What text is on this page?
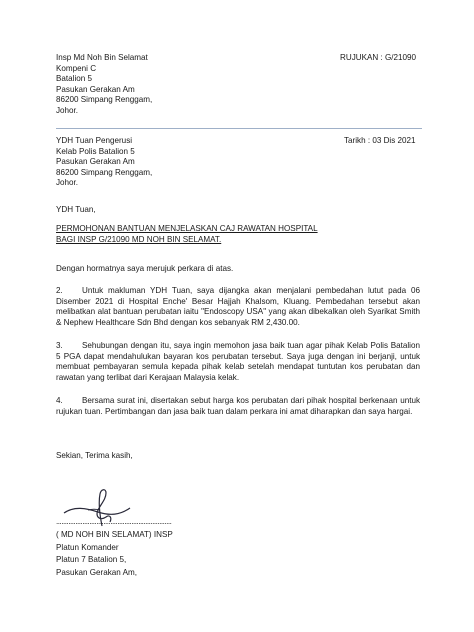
Insp Md Noh Bin Selamat
Kompeni C
Batalion 5
Pasukan Gerakan Am
86200 Simpang Renggam,
Johor.
RUJUKAN : G/21090
YDH Tuan Pengerusi
Kelab Polis Batalion 5
Pasukan Gerakan Am
86200 Simpang Renggam,
Johor.
Tarikh : 03 Dis 2021
YDH Tuan,
PERMOHONAN BANTUAN MENJELASKAN CAJ RAWATAN HOSPITAL
BAGI INSP G/21090 MD NOH BIN SELAMAT.
Dengan hormatnya saya merujuk perkara di atas.
2. Untuk makluman YDH Tuan, saya dijangka akan menjalani pembedahan lutut pada 06 Disember 2021 di Hospital Enche' Besar Hajjah Khalsom, Kluang. Pembedahan tersebut akan melibatkan alat bantuan perubatan iaitu "Endoscopy USA" yang akan dibekalkan oleh Syarikat Smith & Nephew Healthcare Sdn Bhd dengan kos sebanyak RM 2,430.00.
3. Sehubungan dengan itu, saya ingin memohon jasa baik tuan agar pihak Kelab Polis Batalion 5 PGA dapat mendahulukan bayaran kos perubatan tersebut. Saya juga dengan ini berjanji, untuk membuat pembayaran semula kepada pihak kelab setelah mendapat tuntutan kos perubatan dan rawatan yang terlibat dari Kerajaan Malaysia kelak.
4. Bersama surat ini, disertakan sebut harga kos perubatan dari pihak hospital berkenaan untuk rujukan tuan. Pertimbangan dan jasa baik tuan dalam perkara ini amat diharapkan dan saya hargai.
Sekian, Terima kasih,
..................................................................
( MD NOH BIN SELAMAT) INSP
Platun Komander
Platun 7 Batalion 5,
Pasukan Gerakan Am,
